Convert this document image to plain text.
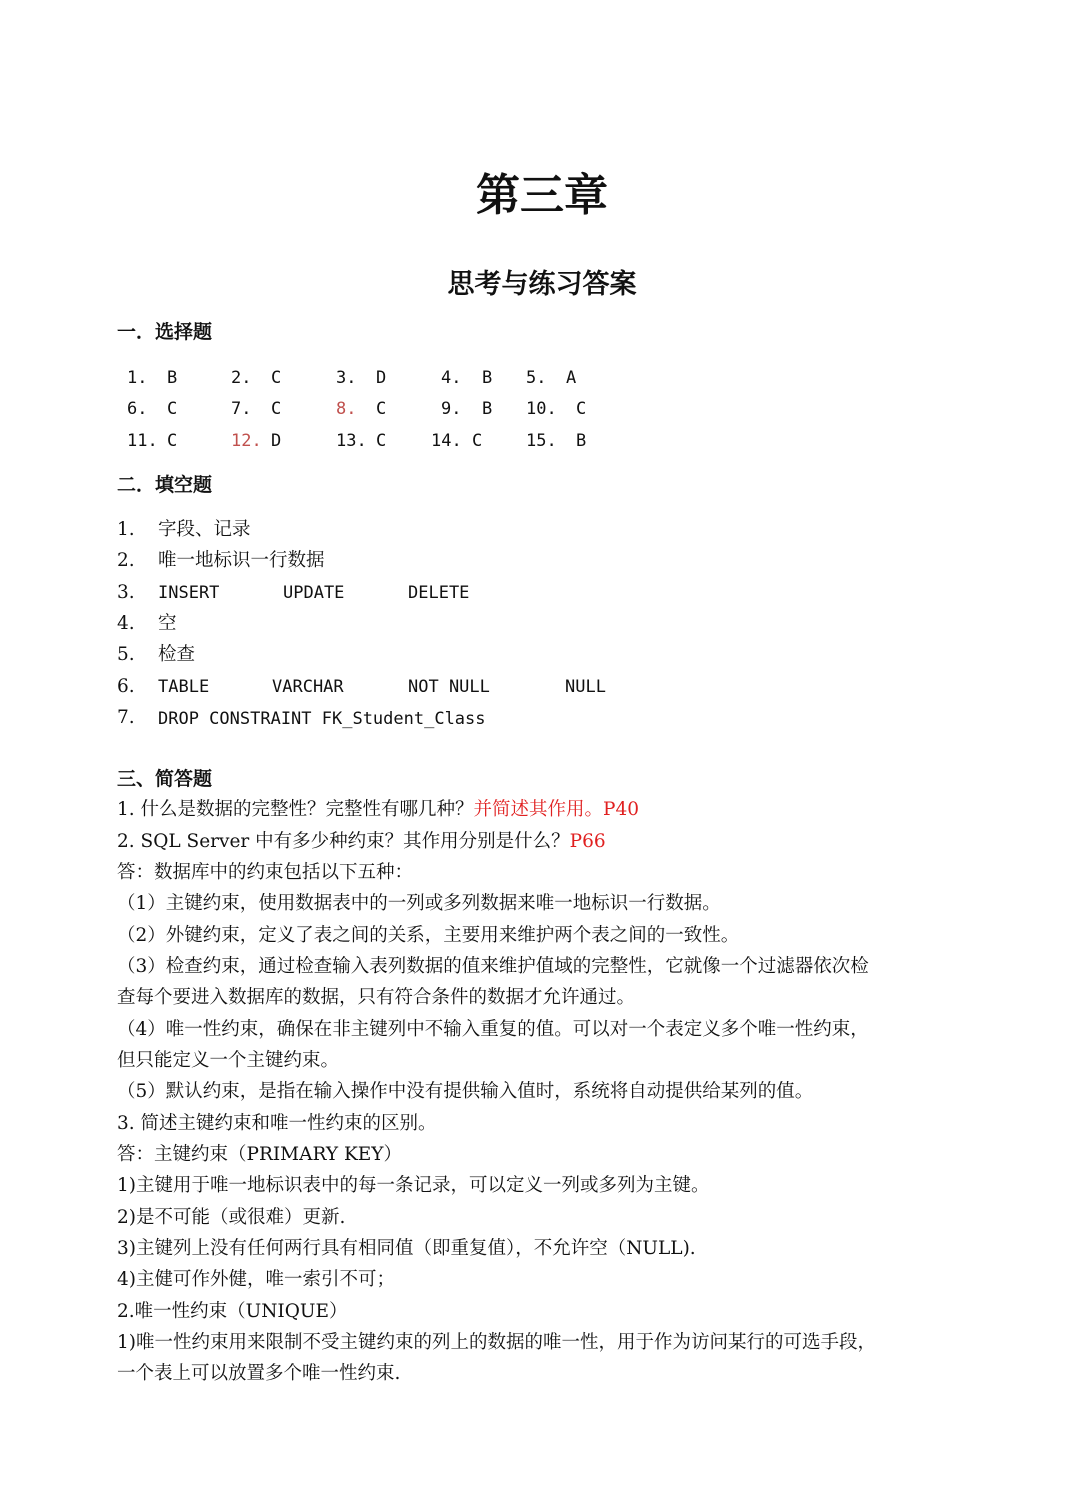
第三章
思考与练习答案
一．选择题
1. B	2. C	3. D	4. B 5. A
6. C	7. C	8. C	9. B 10. C
11. C	12. D	13. C	14. C	15. B
二．填空题
1. 字段、记录
2. 唯一地标识一行数据
3. INSERT	UPDATE	DELETE
4. 空
5. 检查
6. TABLE	VARCHAR	NOT NULL	NULL
7. DROP CONSTRAINT FK_Student_Class
三、简答题
1. 什么是数据的完整性？完整性有哪几种？并简述其作用。P40
2. SQL Server 中有多少种约束？其作用分别是什么？P66
答：数据库中的约束包括以下五种：
（1）主键约束，使用数据表中的一列或多列数据来唯一地标识一行数据。
（2）外键约束，定义了表之间的关系，主要用来维护两个表之间的一致性。
（3）检查约束，通过检查输入表列数据的值来维护值域的完整性，它就像一个过滤器依次检
查每个要进入数据库的数据，只有符合条件的数据才允许通过。
（4）唯一性约束，确保在非主键列中不输入重复的值。可以对一个表定义多个唯一性约束，
但只能定义一个主键约束。
（5）默认约束，是指在输入操作中没有提供输入值时，系统将自动提供给某列的值。
3. 简述主键约束和唯一性约束的区别。
答：主键约束（PRIMARY KEY）
1)主键用于唯一地标识表中的每一条记录，可以定义一列或多列为主键。
2)是不可能（或很难）更新.
3)主键列上没有任何两行具有相同值（即重复值），不允许空（NULL).
4)主健可作外健，唯一索引不可；
2.唯一性约束（UNIQUE）
1)唯一性约束用来限制不受主键约束的列上的数据的唯一性，用于作为访问某行的可选手段，
一个表上可以放置多个唯一性约束.
